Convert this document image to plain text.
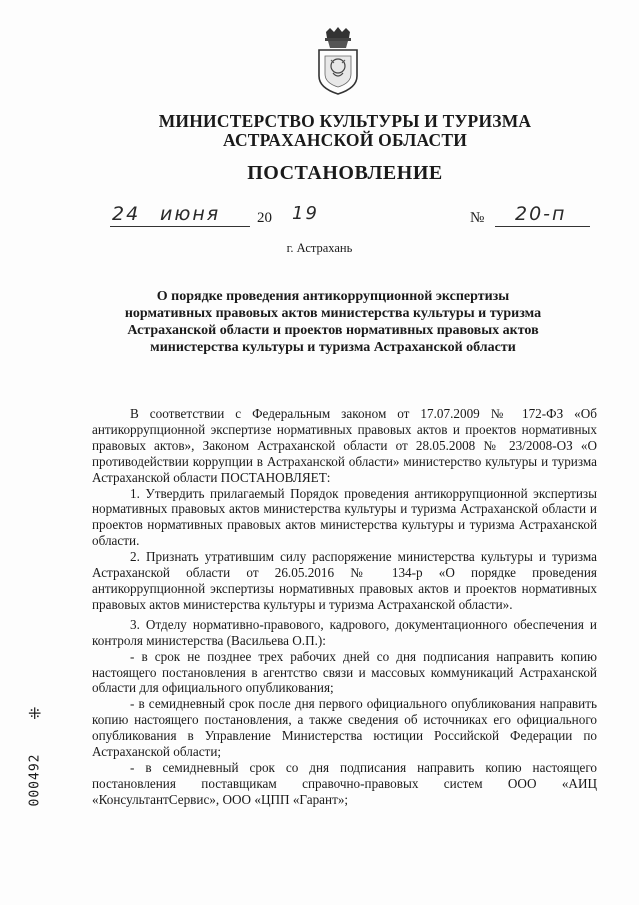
МИНИСТЕРСТВО КУЛЬТУРЫ И ТУРИЗМА
АСТРАХАНСКОЙ ОБЛАСТИ
ПОСТАНОВЛЕНИЕ
24 июня 20 19	№ 20-п
г. Астрахань
О порядке проведения антикоррупционной экспертизы нормативных правовых актов министерства культуры и туризма Астраханской области и проектов нормативных правовых актов министерства культуры и туризма Астраханской области

В соответствии с Федеральным законом от 17.07.2009 № 172-ФЗ «Об антикоррупционной экспертизе нормативных правовых актов и проектов нормативных правовых актов», Законом Астраханской области от 28.05.2008 № 23/2008-ОЗ «О противодействии коррупции в Астраханской области» министерство культуры и туризма Астраханской области ПОСТАНОВЛЯЕТ:

1. Утвердить прилагаемый Порядок проведения антикоррупционной экспертизы нормативных правовых актов министерства культуры и туризма Астраханской области и проектов нормативных правовых актов министерства культуры и туризма Астраханской области.

2. Признать утратившим силу распоряжение министерства культуры и туризма Астраханской области от 26.05.2016 № 134-р «О порядке проведения антикоррупционной экспертизы нормативных правовых актов и проектов нормативных правовых актов министерства культуры и туризма Астраханской области».

3. Отделу нормативно-правового, кадрового, документационного обеспечения и контроля министерства (Васильева О.П.):

- в срок не позднее трех рабочих дней со дня подписания направить копию настоящего постановления в агентство связи и массовых коммуникаций Астраханской области для официального опубликования;

- в семидневный срок после дня первого официального опубликования направить копию настоящего постановления, а также сведения об источниках его официального опубликования в Управление Министерства юстиции Российской Федерации по Астраханской области;

- в семидневный срок со дня подписания направить копию настоящего постановления поставщикам справочно-правовых систем ООО «АИЦ «КонсультантСервис», ООО «ЦПП «Гарант»;

⁜
000492
